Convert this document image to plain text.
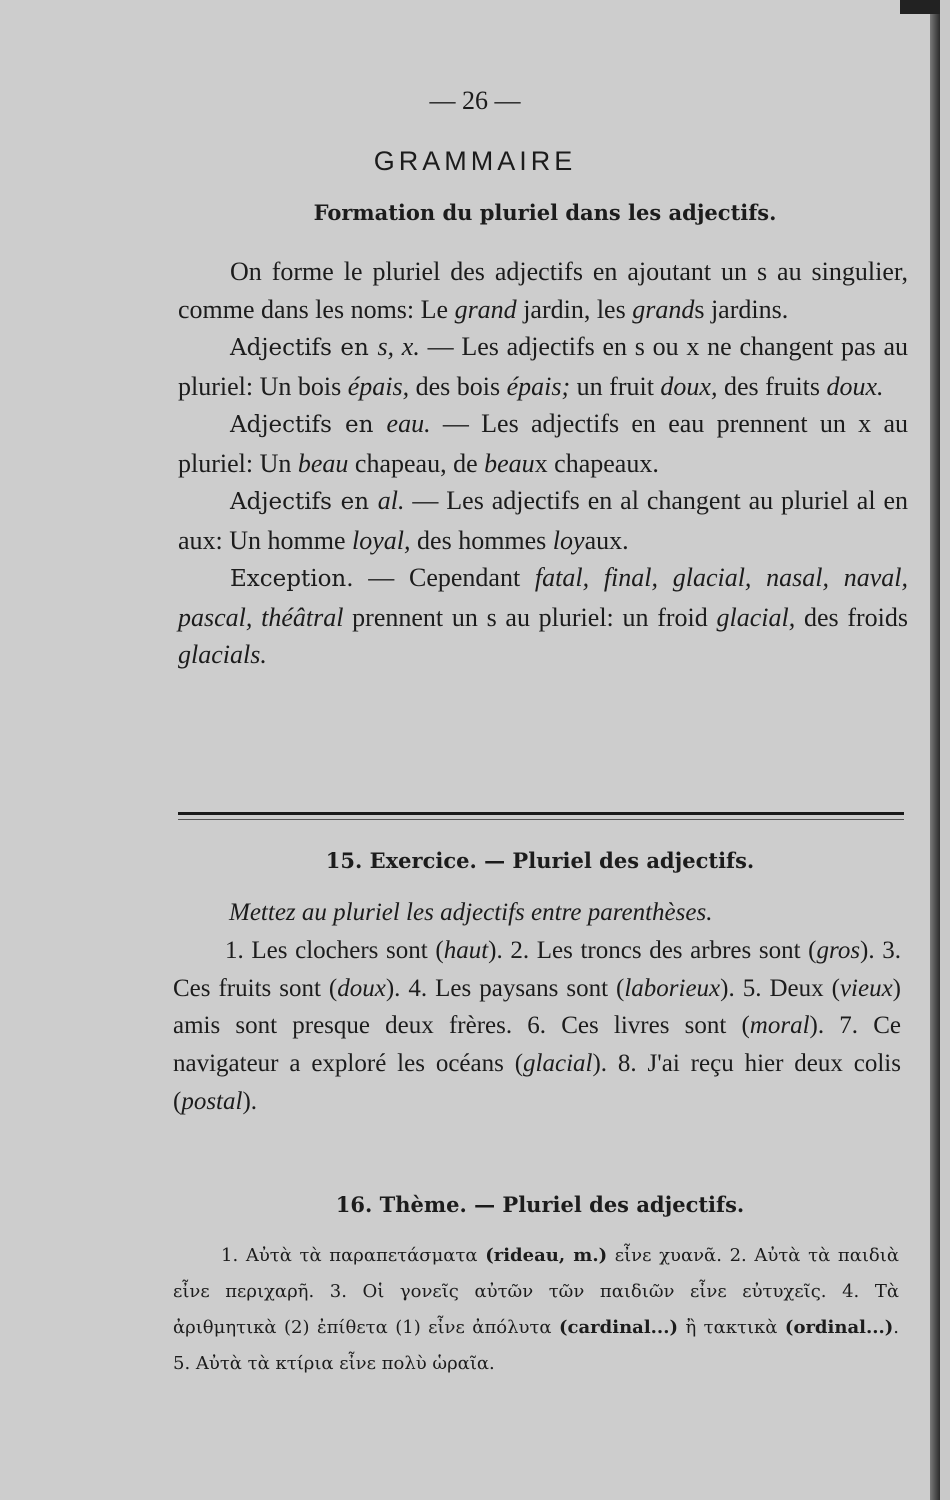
— 26 —
GRAMMAIRE
Formation du pluriel dans les adjectifs.
On forme le pluriel des adjectifs en ajoutant un s au singulier, comme dans les noms: Le grand jardin, les grands jardins.
Adjectifs en s, x. — Les adjectifs en s ou x ne changent pas au pluriel: Un bois épais, des bois épais; un fruit doux, des fruits doux.
Adjectifs en eau. — Les adjectifs en eau prennent un x au pluriel: Un beau chapeau, de beaux chapeaux.
Adjectifs en al. — Les adjectifs en al changent au pluriel al en aux: Un homme loyal, des hommes loyaux.
Exception. — Cependant fatal, final, glacial, nasal, naval, pascal, théâtral prennent un s au pluriel: un froid glacial, des froids glacials.
15. Exercice. — Pluriel des adjectifs.
Mettez au pluriel les adjectifs entre parenthèses.
1. Les clochers sont (haut). 2. Les troncs des arbres sont (gros). 3. Ces fruits sont (doux). 4. Les paysans sont (laborieux). 5. Deux (vieux) amis sont presque deux frères. 6. Ces livres sont (moral). 7. Ce navigateur a exploré les océans (glacial). 8. J'ai reçu hier deux colis (postal).
16. Thème. — Pluriel des adjectifs.
1. Αὐτὰ τὰ παραπετάσματα (rideau, m.) εἶνε χυανᾶ. 2. Αὐτὰ τὰ παιδιὰ εἶνε περιχαρῆ. 3. Οἱ γονεῖς αὐτῶν τῶν παιδιῶν εἶνε εὐτυχεῖς. 4. Τὰ ἀριθμητικὰ (2) ἐπίθετα (1) εἶνε ἀπόλυτα (cardinal...) ἢ τακτικὰ (ordinal...). 5. Αὐτὰ τὰ κτίρια εἶνε πολὺ ὡραῖα.
